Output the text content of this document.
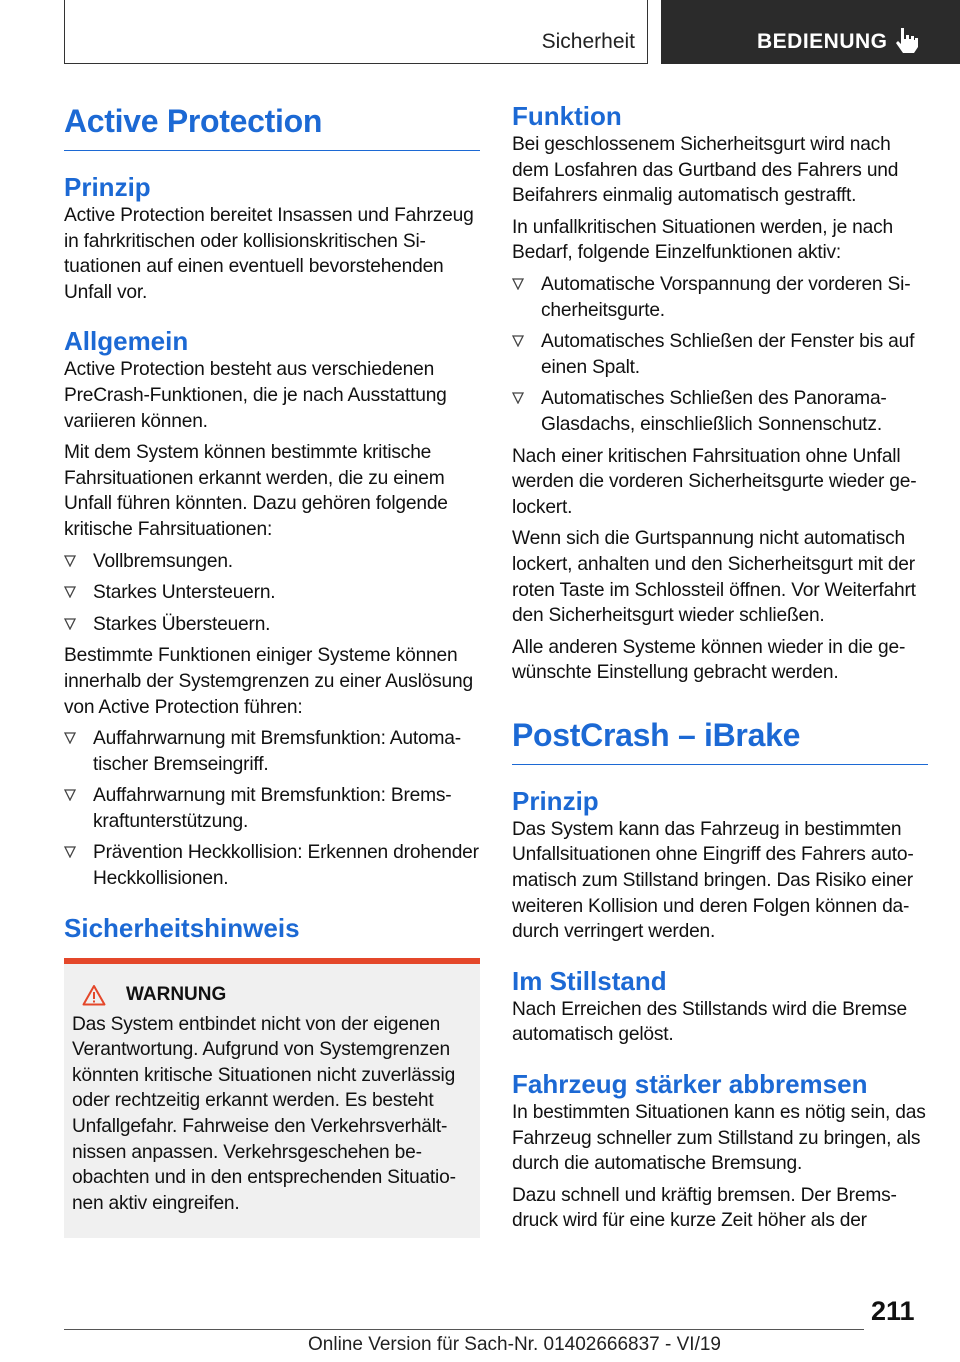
Sicherheit	BEDIENUNG
Active Protection
Prinzip

Active Protection bereitet Insassen und Fahrzeug in fahrkritischen oder kollisionskritischen Situationen auf einen eventuell bevorstehenden Unfall vor.

Allgemein

Active Protection besteht aus verschiedenen PreCrash-Funktionen, die je nach Ausstattung variieren können.

Mit dem System können bestimmte kritische Fahrsituationen erkannt werden, die zu einem Unfall führen könnten. Dazu gehören folgende kritische Fahrsituationen:

Vollbremsungen.
Starkes Untersteuern.
Starkes Übersteuern.

Bestimmte Funktionen einiger Systeme können innerhalb der Systemgrenzen zu einer Auslösung von Active Protection führen:

Auffahrwarnung mit Bremsfunktion: Automatischer Bremseingriff.
Auffahrwarnung mit Bremsfunktion: Bremskraftunterstützung.
Prävention Heckkollision: Erkennen drohender Heckkollisionen.
Sicherheitshinweis
WARNUNG

Das System entbindet nicht von der eigenen Verantwortung. Aufgrund von Systemgrenzen könnten kritische Situationen nicht zuverlässig oder rechtzeitig erkannt werden. Es besteht Unfallgefahr. Fahrweise den Verkehrsverhältnissen anpassen. Verkehrsgeschehen beobachten und in den entsprechenden Situationen aktiv eingreifen.

Funktion

Bei geschlossenem Sicherheitsgurt wird nach dem Losfahren das Gurtband des Fahrers und Beifahrers einmalig automatisch gestrafft.

In unfallkritischen Situationen werden, je nach Bedarf, folgende Einzelfunktionen aktiv:

Automatische Vorspannung der vorderen Sicherheitsgurte.
Automatisches Schließen der Fenster bis auf einen Spalt.
Automatisches Schließen des Panorama-Glasdachs, einschließlich Sonnenschutz.

Nach einer kritischen Fahrsituation ohne Unfall werden die vorderen Sicherheitsgurte wieder gelockert.

Wenn sich die Gurtspannung nicht automatisch lockert, anhalten und den Sicherheitsgurt mit der roten Taste im Schlossteil öffnen. Vor Weiterfahrt den Sicherheitsgurt wieder schließen.

Alle anderen Systeme können wieder in die gewünschte Einstellung gebracht werden.

PostCrash – iBrake
Prinzip

Das System kann das Fahrzeug in bestimmten Unfallsituationen ohne Eingriff des Fahrers automatisch zum Stillstand bringen. Das Risiko einer weiteren Kollision und deren Folgen können dadurch verringert werden.

Im Stillstand

Nach Erreichen des Stillstands wird die Bremse automatisch gelöst.

Fahrzeug stärker abbremsen

In bestimmten Situationen kann es nötig sein, das Fahrzeug schneller zum Stillstand zu bringen, als durch die automatische Bremsung.

Dazu schnell und kräftig bremsen. Der Bremsdruck wird für eine kurze Zeit höher als der

211
Online Version für Sach-Nr. 01402666837 - VI/19
